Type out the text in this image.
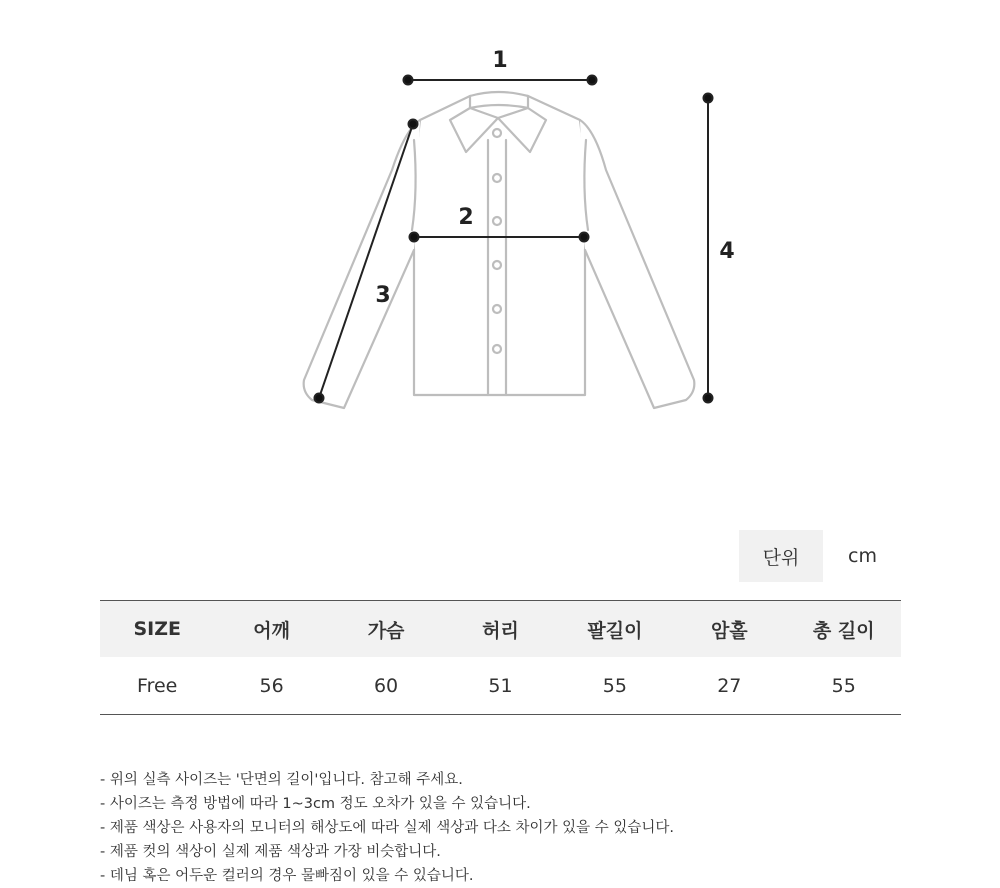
1
2
3
4
단위	cm
SIZE	어깨	가슴	허리	팔길이	암홀	총 길이
Free	56	60	51	55	27	55
- 위의 실측 사이즈는 '단면의 길이'입니다. 참고해 주세요.
- 사이즈는 측정 방법에 따라 1~3cm 정도 오차가 있을 수 있습니다.
- 제품 색상은 사용자의 모니터의 해상도에 따라 실제 색상과 다소 차이가 있을 수 있습니다.
- 제품 컷의 색상이 실제 제품 색상과 가장 비슷합니다.
- 데님 혹은 어두운 컬러의 경우 물빠짐이 있을 수 있습니다.
